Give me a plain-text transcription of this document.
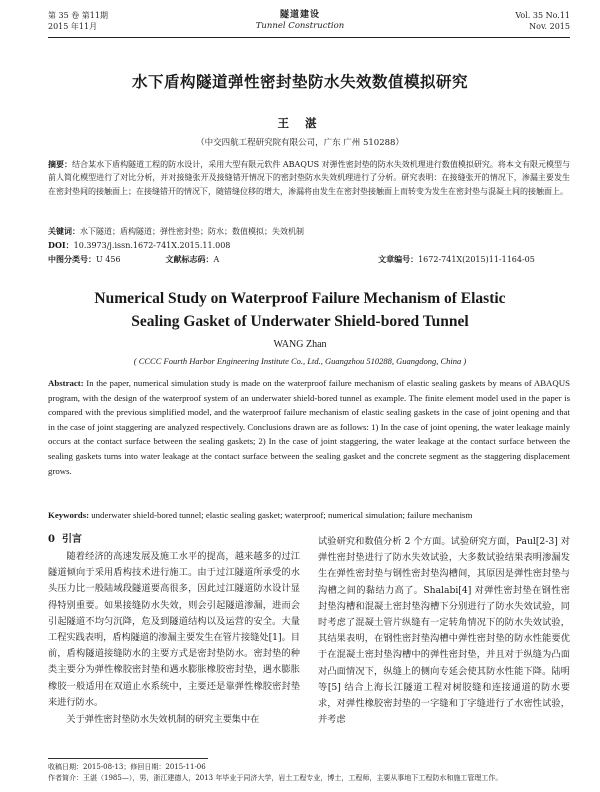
第 35 卷 第11期
2015 年11月
隧道建设
Tunnel Construction
Vol. 35 No.11
Nov. 2015
水下盾构隧道弹性密封垫防水失效数值模拟研究
王 湛
（中交四航工程研究院有限公司，广东 广州 510288）
摘要：结合某水下盾构隧道工程的防水设计，采用大型有限元软件 ABAQUS 对弹性密封垫的防水失效机理进行数值模拟研究。将本文有限元模型与前人简化模型进行了对比分析，并对接缝张开及接缝错开情况下的密封垫防水失效机理进行了分析。研究表明：在接缝张开的情况下，渗漏主要发生在密封垫间的接触面上；在接缝错开的情况下，随错缝位移的增大，渗漏将由发生在密封垫接触面上而转变为发生在密封垫与混凝土间的接触面上。
关键词：水下隧道；盾构隧道；弹性密封垫；防水；数值模拟；失效机制
DOI：10.3973/j.issn.1672-741X.2015.11.008
中图分类号：U 456	文献标志码：A	文章编号：1672-741X(2015)11-1164-05
Numerical Study on Waterproof Failure Mechanism of Elastic
Sealing Gasket of Underwater Shield-bored Tunnel
WANG Zhan
( CCCC Fourth Harbor Engineering Institute Co., Ltd., Guangzhou 510288, Guangdong, China )
Abstract: In the paper, numerical simulation study is made on the waterproof failure mechanism of elastic sealing gaskets by means of ABAQUS program, with the design of the waterproof system of an underwater shield-bored tunnel as example. The finite element model used in the paper is compared with the previous simplified model, and the waterproof failure mechanism of elastic sealing gaskets in the case of joint opening and that in the case of joint staggering are analyzed respectively. Conclusions drawn are as follows: 1) In the case of joint opening, the water leakage mainly occurs at the contact surface between the sealing gaskets; 2) In the case of joint staggering, the water leakage at the contact surface between the sealing gaskets turns into water leakage at the contact surface between the sealing gasket and the concrete segment as the staggering displacement grows.
Keywords: underwater shield-bored tunnel; elastic sealing gasket; waterproof; numerical simulation; failure mechanism
0 引言
随着经济的高速发展及施工水平的提高，越来越多的过江隧道倾向于采用盾构技术进行施工。由于过江隧道所承受的水头压力比一般陆域段隧道要高很多，因此过江隧道防水设计显得特别重要。如果接缝防水失效，则会引起隧道渗漏，进而会引起隧道不均匀沉降，危及到隧道结构以及运营的安全。大量工程实践表明，盾构隧道的渗漏主要发生在管片接缝处[1]。目前，盾构隧道接缝防水的主要方式是密封垫防水。密封垫的种类主要分为弹性橡胶密封垫和遇水膨胀橡胶密封垫，遇水膨胀橡胶一般适用在双道止水系统中，主要还是靠弹性橡胶密封垫来进行防水。
关于弹性密封垫防水失效机制的研究主要集中在
试验研究和数值分析 2 个方面。试验研究方面，Paul[2-3] 对弹性密封垫进行了防水失效试验，大多数试验结果表明渗漏发生在弹性密封垫与钢性密封垫沟槽间，其原因是弹性密封垫与沟槽之间的黏结力高了。Shalabi[4] 对弹性密封垫在钢性密封垫沟槽和混凝土密封垫沟槽下分别进行了防水失效试验，同时考虑了混凝土管片纵缝有一定转角情况下的防水失效试验，其结果表明，在钢性密封垫沟槽中弹性密封垫的防水性能要优于在混凝土密封垫沟槽中的弹性密封垫，并且对于纵缝为凸面对凸面情况下，纵缝上的侧向专延会使其防水性能下降。陆明等[5] 结合上海长江隧道工程对树胶缝和连接通道的防水要求，对弹性橡胶密封垫的一字缝和丁字缝进行了水密性试验，并考虑
收稿日期：2015-08-13；修回日期：2015-11-06
作者简介：王湛（1985—），男，浙江建德人，2013 年毕业于同济大学，岩土工程专业，博士，工程师，主要从事地下工程防水和施工管理工作。
